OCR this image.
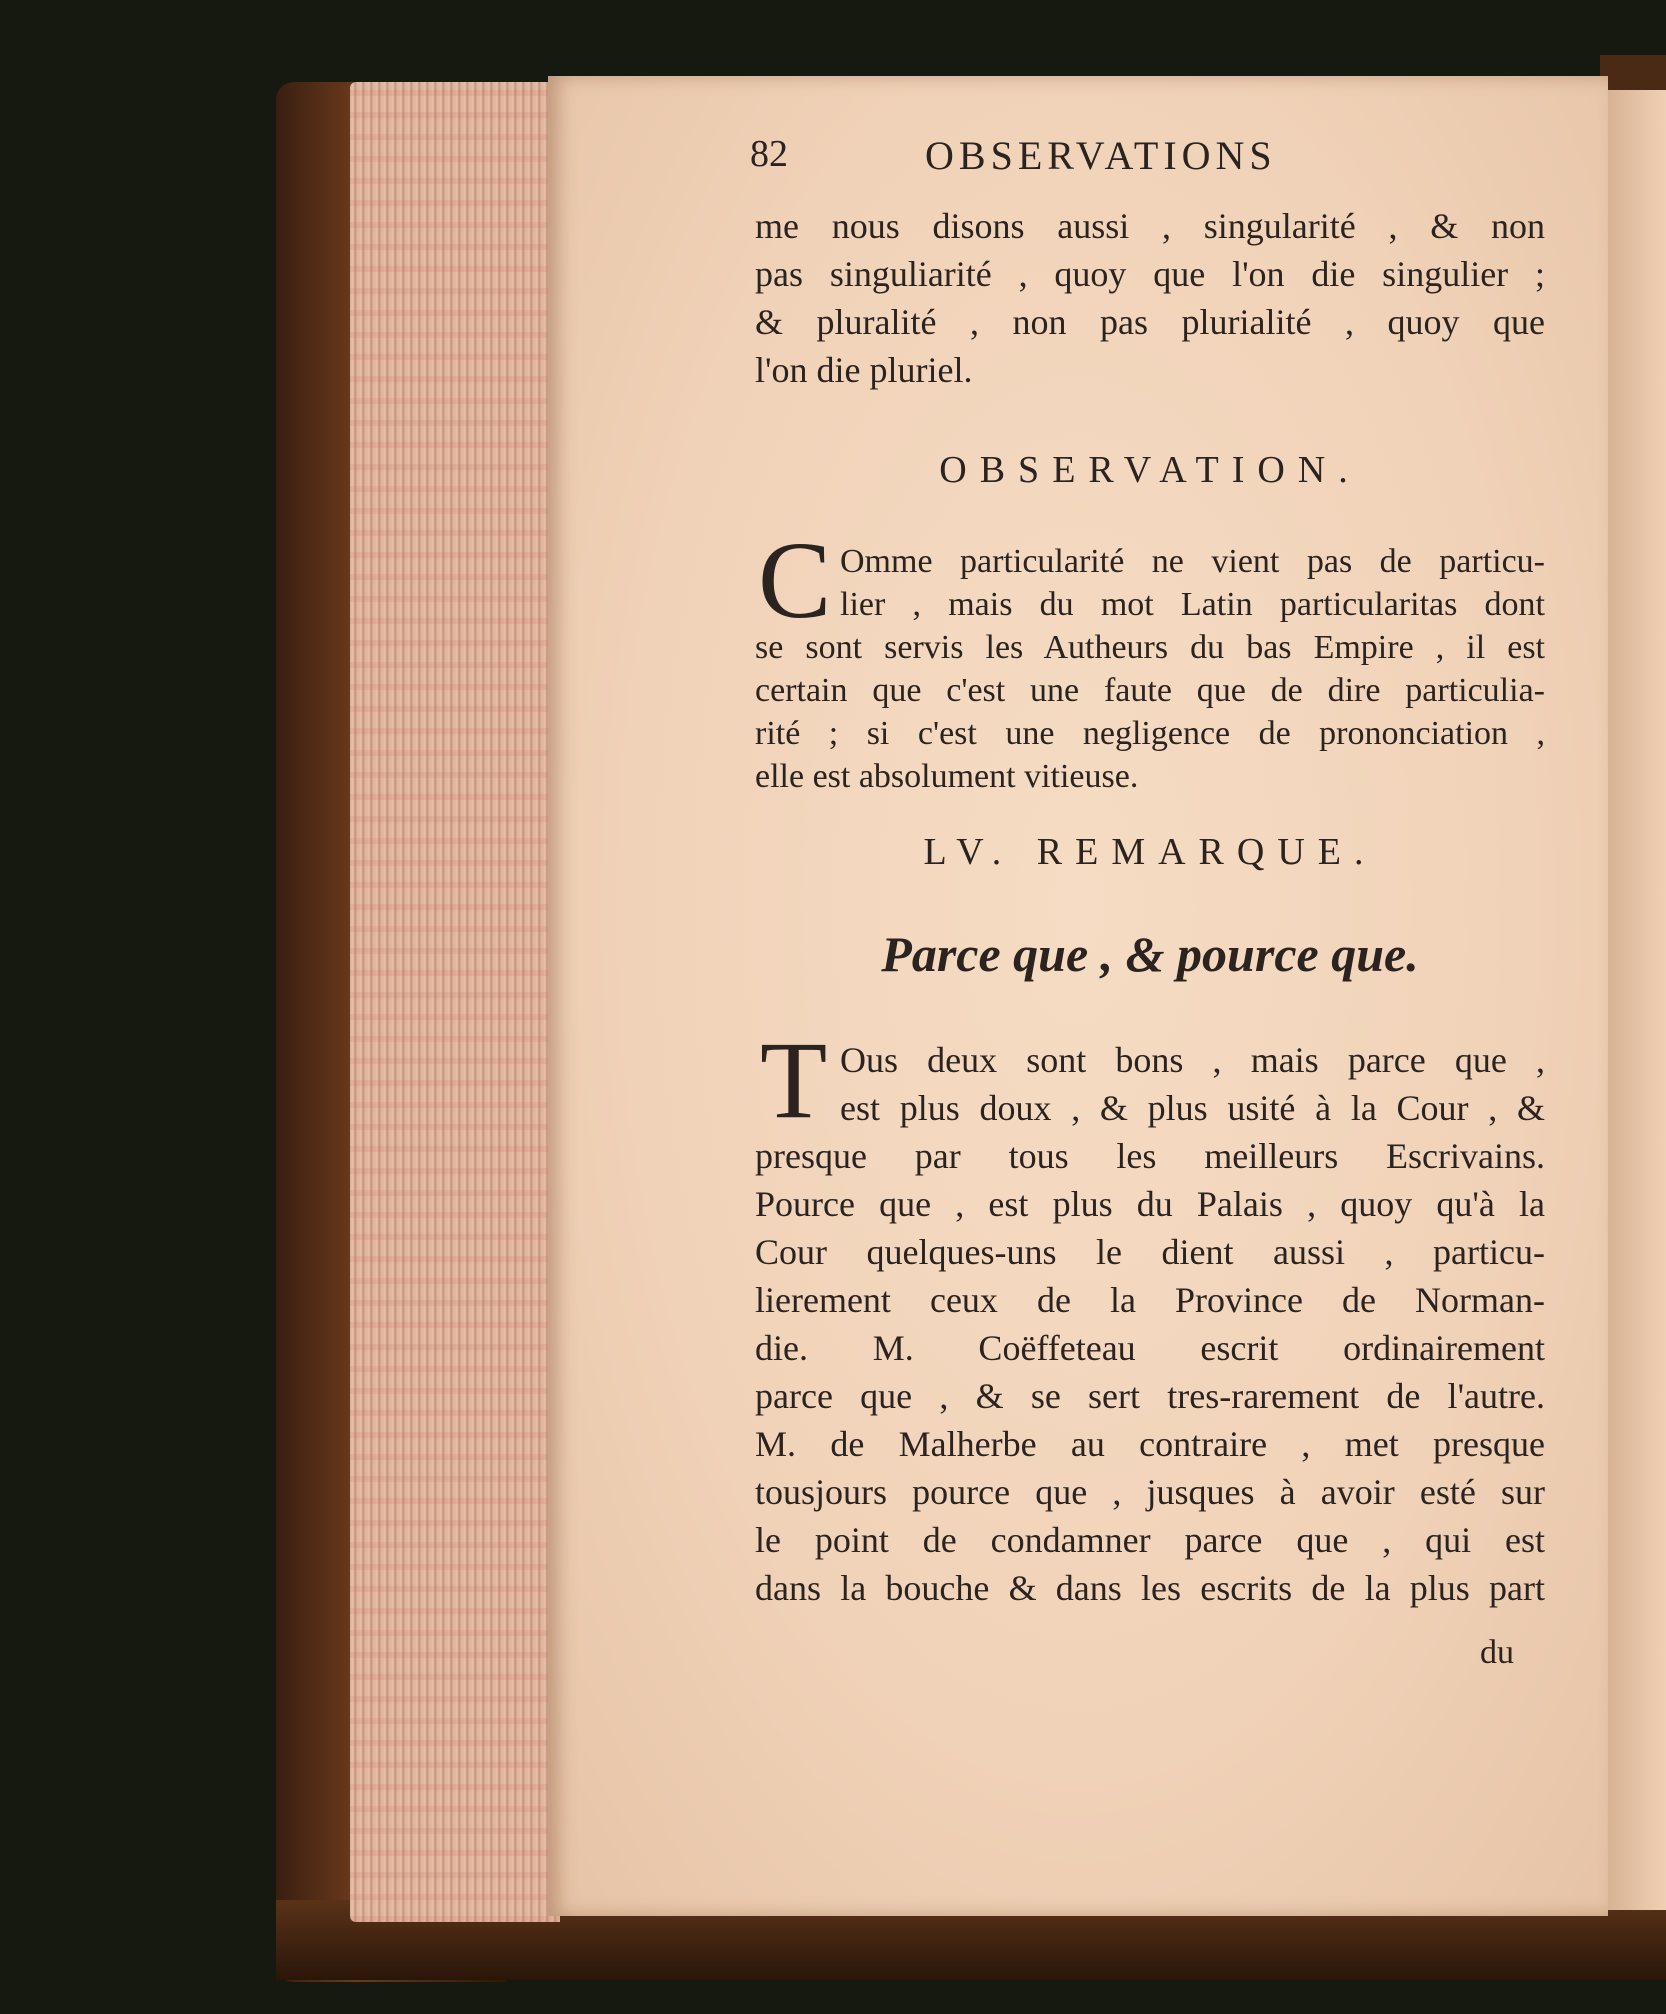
82	OBSERVATIONS
me nous disons aussi , singularité , & non
pas singuliarité , quoy que l'on die singulier ;
& pluralité , non pas plurialité , quoy que
l'on die pluriel.
OBSERVATION.
C Omme particularité ne vient pas de particu-
lier , mais du mot Latin particularitas dont
se sont servis les Autheurs du bas Empire , il est
certain que c'est une faute que de dire particulia-
rité ; si c'est une negligence de prononciation ,
elle est absolument vitieuse.
LV. REMARQUE.
Parce que , & pource que.
T Ous deux sont bons , mais parce que ,
est plus doux , & plus usité à la Cour , &
presque par tous les meilleurs Escrivains.
Pource que , est plus du Palais , quoy qu'à la
Cour quelques-uns le dient aussi , particu-
lierement ceux de la Province de Norman-
die. M. Coëffeteau escrit ordinairement
parce que , & se sert tres-rarement de l'autre.
M. de Malherbe au contraire , met presque
tousjours pource que , jusques à avoir esté sur
le point de condamner parce que , qui est
dans la bouche & dans les escrits de la plus part
du
